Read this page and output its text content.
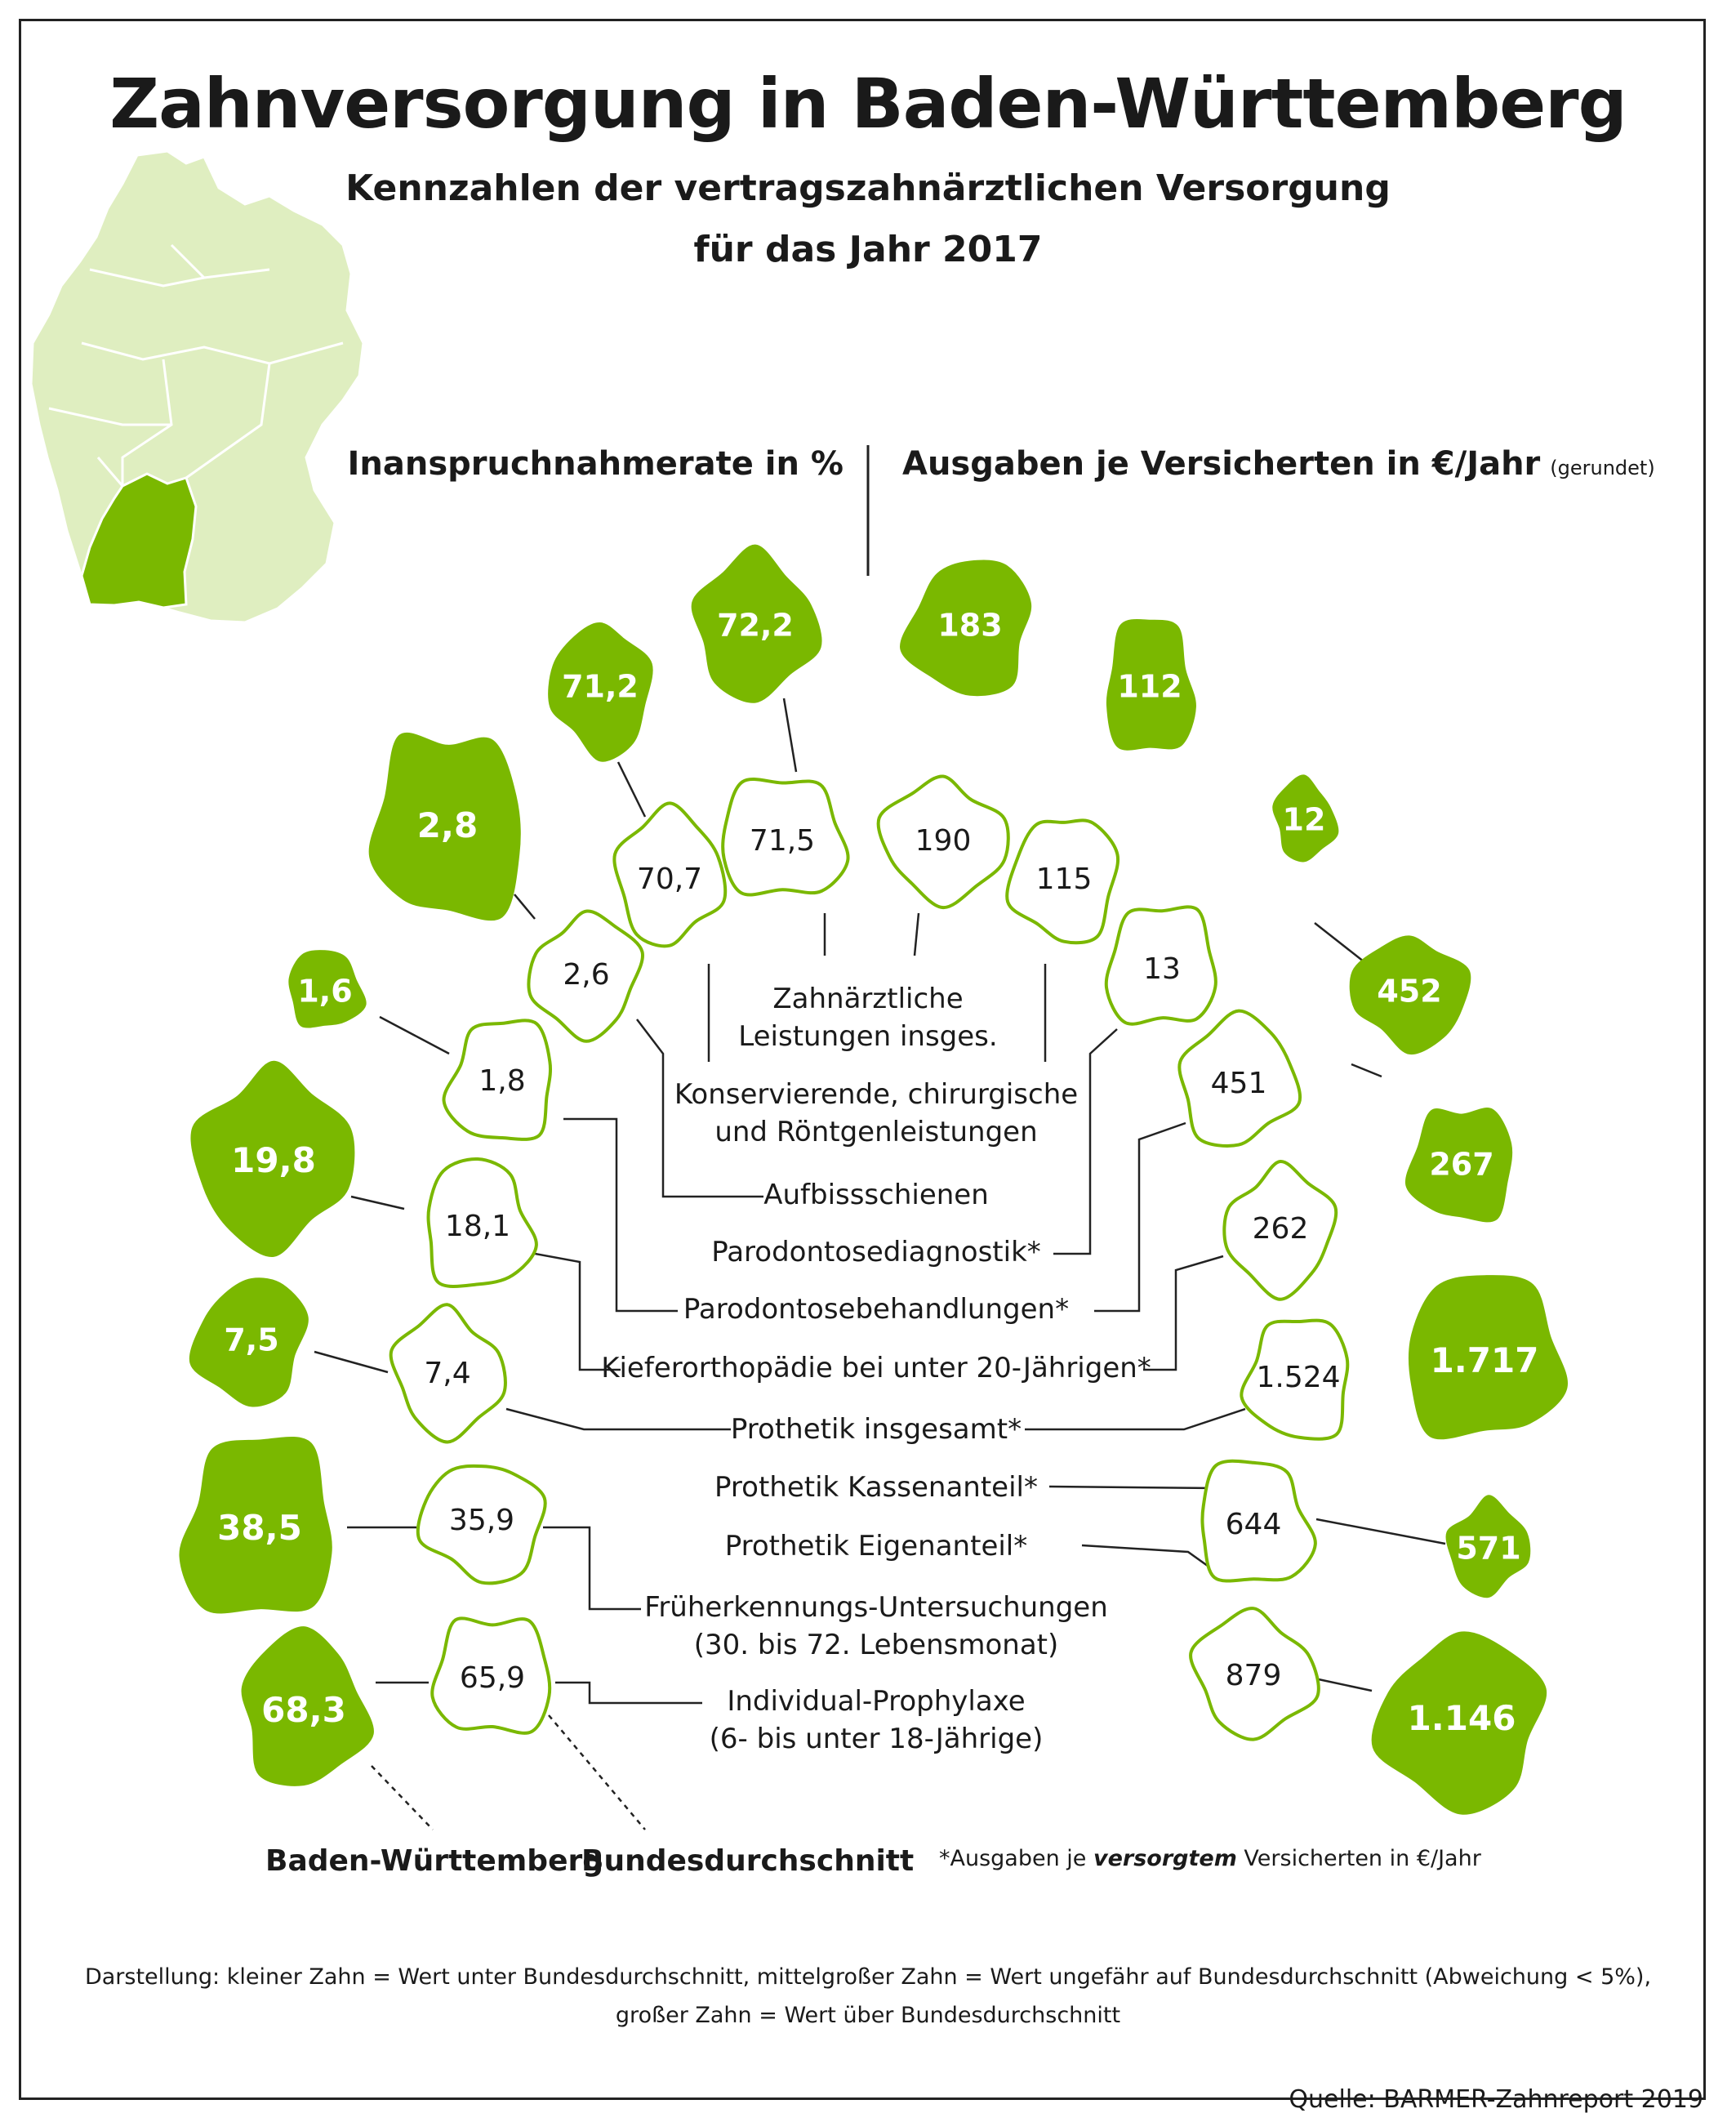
Zahnversorgung in Baden-Württemberg
Kennzahlen der vertragszahnärztlichen Versorgung
für das Jahr 2017
Inanspruchnahmerate in % Ausgaben je Versicherten in €/Jahr (gerundet)
72,2
71,2
2,8
1,6
19,8
7,5
38,5
68,3
71,5
70,7
2,6
1,8
18,1
7,4
35,9
65,9
183
112
12
452
267
1.717
571
1.146
190
115
13
451
262
1.524
644
879
Zahnärztliche
Leistungen insges.
Konservierende, chirurgische
und Röntgenleistungen
Aufbissschienen
Parodontosediagnostik*
Parodontosebehandlungen*
Kieferorthopädie bei unter 20-Jährigen*
Prothetik insgesamt*
Prothetik Kassenanteil*
Prothetik Eigenanteil*
Früherkennungs-Untersuchungen
(30. bis 72. Lebensmonat)
Individual-Prophylaxe
(6- bis unter 18-Jährige)
Baden-Württemberg
Bundesdurchschnitt *Ausgaben je versorgtem Versicherten in €/Jahr
Darstellung: kleiner Zahn = Wert unter Bundesdurchschnitt, mittelgroßer Zahn = Wert ungefähr auf Bundesdurchschnitt (Abweichung < 5%),
großer Zahn = Wert über Bundesdurchschnitt
Quelle: BARMER-Zahnreport 2019
